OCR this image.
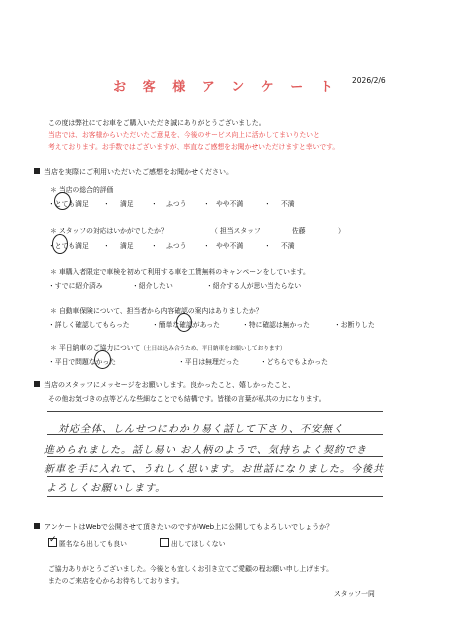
お 客 様 ア ン ケ ー ト	2026/2/6
この度は弊社にてお車をご購入いただき誠にありがとうございました。
当店では、お客様からいただいたご意見を、今後のサービス向上に活かしてまいりたいと
考えております。お手数ではございますが、率直なご感想をお聞かせいただけますと幸いです。
当店を実際にご利用いただいたご感想をお聞かせください。
＊ 当店の総合的評価
・とても満足 ・ 満足	・ ふつう ・ やや不満	・ 不満
＊ スタッフの対応はいかがでしたか？	（ 担当スタッフ	佐藤	）
・とても満足 ・ 満足	・ ふつう ・ やや不満	・ 不満
＊ 車購入者限定で車検を初めて利用する車を工賃無料のキャンペーンをしています。
・すでに紹介済み	・紹介したい	・紹介する人が思い当たらない
＊ 自動車保険について、担当者から内容確認の案内はありましたか？
・詳しく確認してもらった	・簡単な確認があった	・特に確認は無かった	・お断りした
＊ 平日納車のご協力について（土日は込み合うため、平日納車をお願いしております）
・平日で問題なかった	・平日は無理だった	・どちらでもよかった
当店のスタッフにメッセージをお願いします。良かったこと、嬉しかったこと、
その他お気づきの点等どんな些細なことでも結構です。皆様の言葉が私共の力になります。
対応全体、しんせつにわかり易く話して下さり、不安無く
進められました。話し易い お人柄のようで、気持ちよく契約でき
新車を手に入れて、うれしく思います。お世話になりました。今後共
よろしくお願いします。
アンケートはWebで公開させて頂きたいのですがWeb上に公開してもよろしいでしょうか？
✓ 匿名なら出しても良い	出してほしくない
ご協力ありがとうございました。今後とも宜しくお引き立てご愛顧の程お願い申し上げます。
またのご来店を心からお待ちしております。
スタッフ一同
